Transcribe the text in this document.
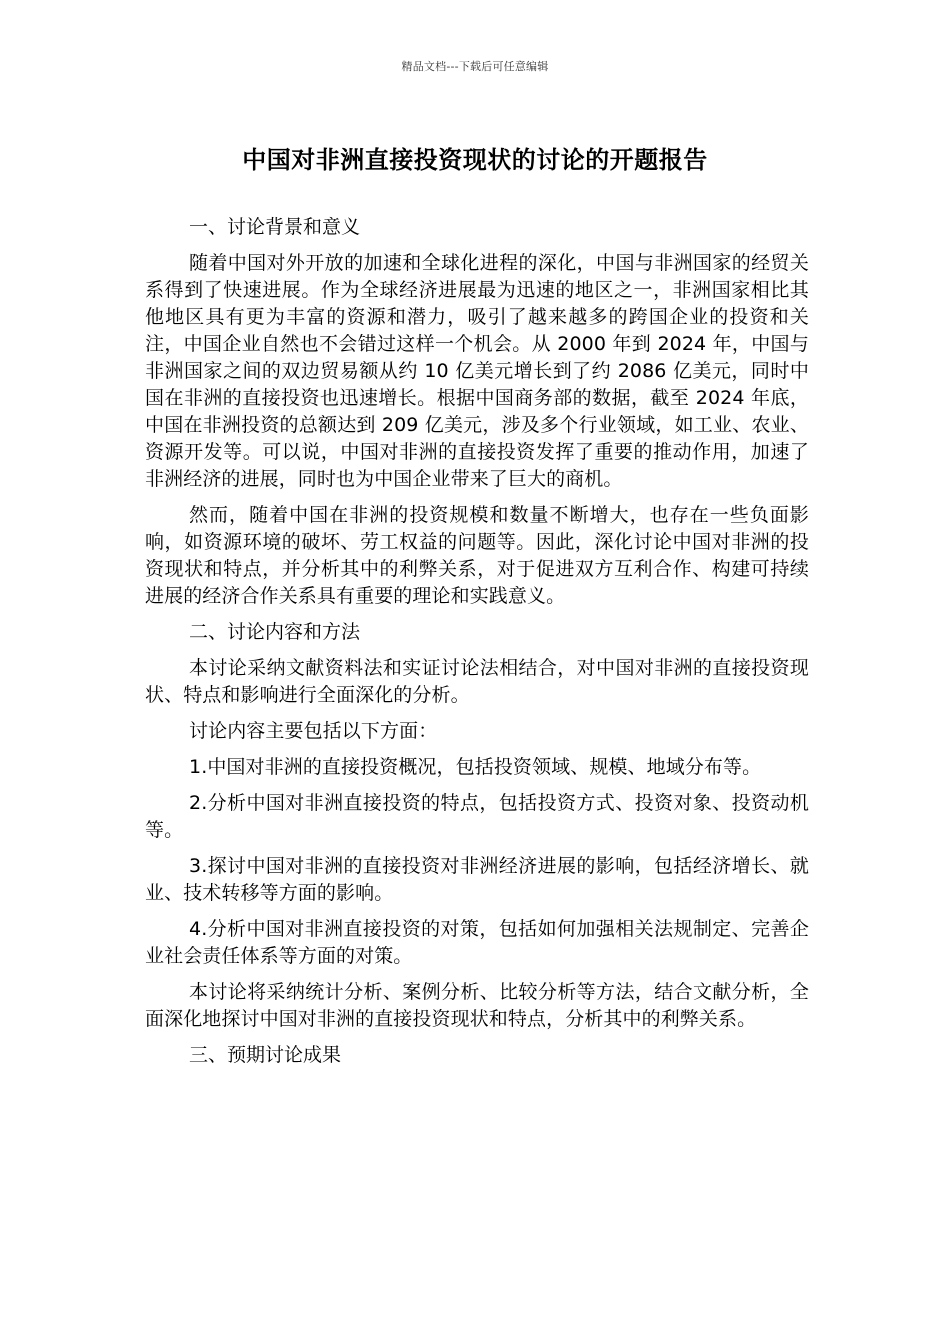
精品文档---下载后可任意编辑
中国对非洲直接投资现状的讨论的开题报告

一、讨论背景和意义

随着中国对外开放的加速和全球化进程的深化，中国与非洲国家的经贸关系得到了快速进展。作为全球经济进展最为迅速的地区之一，非洲国家相比其他地区具有更为丰富的资源和潜力，吸引了越来越多的跨国企业的投资和关注，中国企业自然也不会错过这样一个机会。从 2000 年到 2024 年，中国与非洲国家之间的双边贸易额从约 10 亿美元增长到了约 2086 亿美元，同时中国在非洲的直接投资也迅速增长。根据中国商务部的数据，截至 2024 年底，中国在非洲投资的总额达到 209 亿美元，涉及多个行业领域，如工业、农业、资源开发等。可以说，中国对非洲的直接投资发挥了重要的推动作用，加速了非洲经济的进展，同时也为中国企业带来了巨大的商机。

然而，随着中国在非洲的投资规模和数量不断增大，也存在一些负面影响，如资源环境的破坏、劳工权益的问题等。因此，深化讨论中国对非洲的投资现状和特点，并分析其中的利弊关系，对于促进双方互利合作、构建可持续进展的经济合作关系具有重要的理论和实践意义。

二、讨论内容和方法

本讨论采纳文献资料法和实证讨论法相结合，对中国对非洲的直接投资现状、特点和影响进行全面深化的分析。

讨论内容主要包括以下方面：

1.中国对非洲的直接投资概况，包括投资领域、规模、地域分布等。

2.分析中国对非洲直接投资的特点，包括投资方式、投资对象、投资动机等。

3.探讨中国对非洲的直接投资对非洲经济进展的影响，包括经济增长、就业、技术转移等方面的影响。

4.分析中国对非洲直接投资的对策，包括如何加强相关法规制定、完善企业社会责任体系等方面的对策。

本讨论将采纳统计分析、案例分析、比较分析等方法，结合文献分析，全面深化地探讨中国对非洲的直接投资现状和特点，分析其中的利弊关系。

三、预期讨论成果
